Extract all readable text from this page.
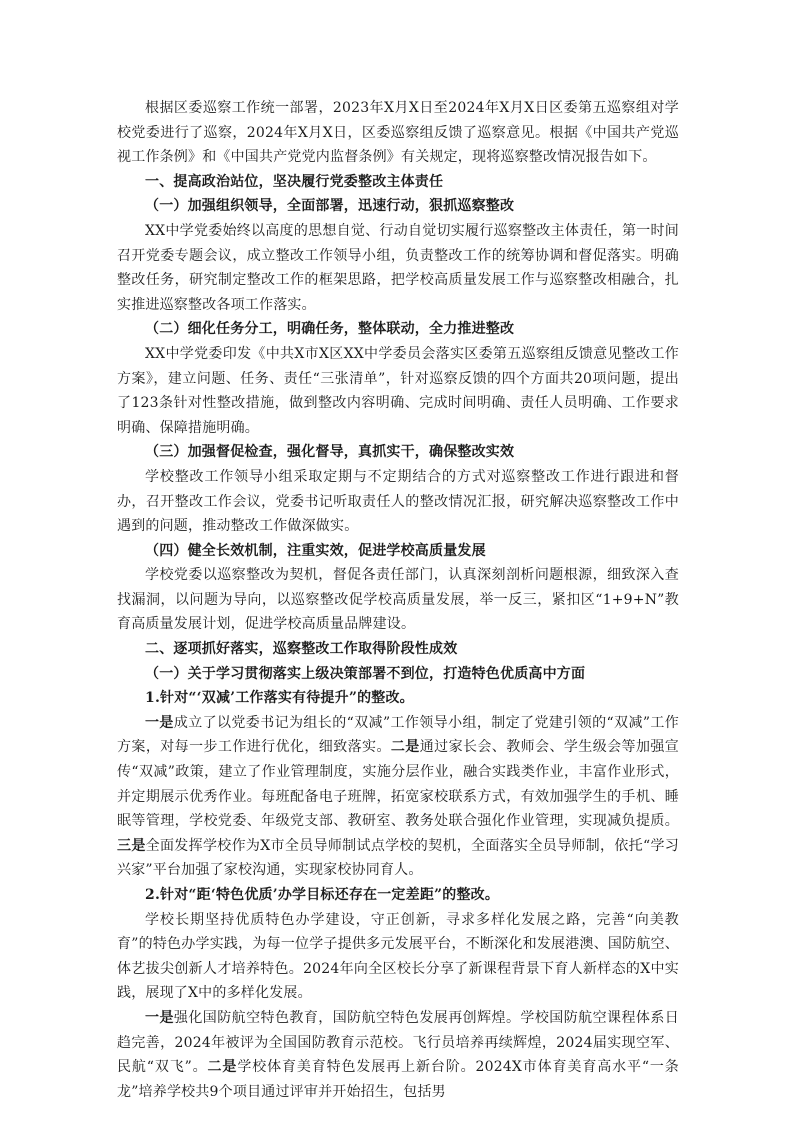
根据区委巡察工作统一部署，2023年X月X日至2024年X月X日区委第五巡察组对学校党委进行了巡察，2024年X月X日，区委巡察组反馈了巡察意见。根据《中国共产党巡视工作条例》和《中国共产党党内监督条例》有关规定，现将巡察整改情况报告如下。

一、提高政治站位，坚决履行党委整改主体责任

（一）加强组织领导，全面部署，迅速行动，狠抓巡察整改

XX中学党委始终以高度的思想自觉、行动自觉切实履行巡察整改主体责任，第一时间召开党委专题会议，成立整改工作领导小组，负责整改工作的统筹协调和督促落实。明确整改任务，研究制定整改工作的框架思路，把学校高质量发展工作与巡察整改相融合，扎实推进巡察整改各项工作落实。

（二）细化任务分工，明确任务，整体联动，全力推进整改

XX中学党委印发《中共X市X区XX中学委员会落实区委第五巡察组反馈意见整改工作方案》，建立问题、任务、责任“三张清单”，针对巡察反馈的四个方面共20项问题，提出了123条针对性整改措施，做到整改内容明确、完成时间明确、责任人员明确、工作要求明确、保障措施明确。

（三）加强督促检查，强化督导，真抓实干，确保整改实效

学校整改工作领导小组采取定期与不定期结合的方式对巡察整改工作进行跟进和督办，召开整改工作会议，党委书记听取责任人的整改情况汇报，研究解决巡察整改工作中遇到的问题，推动整改工作做深做实。

（四）健全长效机制，注重实效，促进学校高质量发展

学校党委以巡察整改为契机，督促各责任部门，认真深刻剖析问题根源，细致深入查找漏洞，以问题为导向，以巡察整改促学校高质量发展，举一反三，紧扣区“1+9+N”教育高质量发展计划，促进学校高质量品牌建设。

二、逐项抓好落实，巡察整改工作取得阶段性成效

（一）关于学习贯彻落实上级决策部署不到位，打造特色优质高中方面

1.针对“‘双减’工作落实有待提升”的整改。

一是成立了以党委书记为组长的“双减”工作领导小组，制定了党建引领的“双减”工作方案，对每一步工作进行优化，细致落实。二是通过家长会、教师会、学生级会等加强宣传“双减”政策，建立了作业管理制度，实施分层作业，融合实践类作业，丰富作业形式，并定期展示优秀作业。每班配备电子班牌，拓宽家校联系方式，有效加强学生的手机、睡眠等管理，学校党委、年级党支部、教研室、教务处联合强化作业管理，实现减负提质。三是全面发挥学校作为X市全员导师制试点学校的契机，全面落实全员导师制，依托“学习兴家”平台加强了家校沟通，实现家校协同育人。

2.针对“距‘特色优质’办学目标还存在一定差距”的整改。

学校长期坚持优质特色办学建设，守正创新，寻求多样化发展之路，完善“向美教育”的特色办学实践，为每一位学子提供多元发展平台，不断深化和发展港澳、国防航空、体艺拔尖创新人才培养特色。2024年向全区校长分享了新课程背景下育人新样态的X中实践，展现了X中的多样化发展。

一是强化国防航空特色教育，国防航空特色发展再创辉煌。学校国防航空课程体系日趋完善，2024年被评为全国国防教育示范校。飞行员培养再续辉煌，2024届实现空军、民航“双飞”。二是学校体育美育特色发展再上新台阶。2024X市体育美育高水平“一条龙”培养学校共9个项目通过评审并开始招生，包括男
